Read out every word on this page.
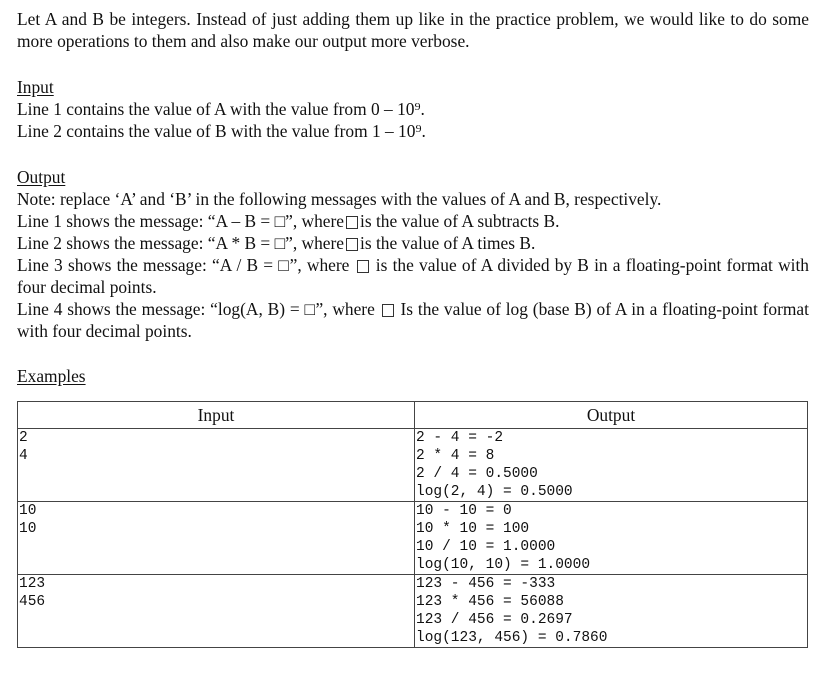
Let A and B be integers. Instead of just adding them up like in the practice problem, we would like to do some more operations to them and also make our output more verbose.

Input

Line 1 contains the value of A with the value from 0 – 10⁹.

Line 2 contains the value of B with the value from 1 – 10⁹.

Output

Note: replace ‘A’ and ‘B’ in the following messages with the values of A and B, respectively.

Line 1 shows the message: “A – B = □”, where is the value of A subtracts B.

Line 2 shows the message: “A * B = □”, where is the value of A times B.

Line 3 shows the message: “A / B = □”, where is the value of A divided by B in a floating-point format with four decimal points.

Line 4 shows the message: “log(A, B) = □”, where Is the value of log (base B) of A in a floating-point format with four decimal points.

Examples
Input	Output

2
4	2 - 4 = -2
2 * 4 = 8
2 / 4 = 0.5000
log(2, 4) = 0.5000

10
10	10 - 10 = 0
10 * 10 = 100
10 / 10 = 1.0000
log(10, 10) = 1.0000

123
456	123 - 456 = -333
123 * 456 = 56088
123 / 456 = 0.2697
log(123, 456) = 0.7860
